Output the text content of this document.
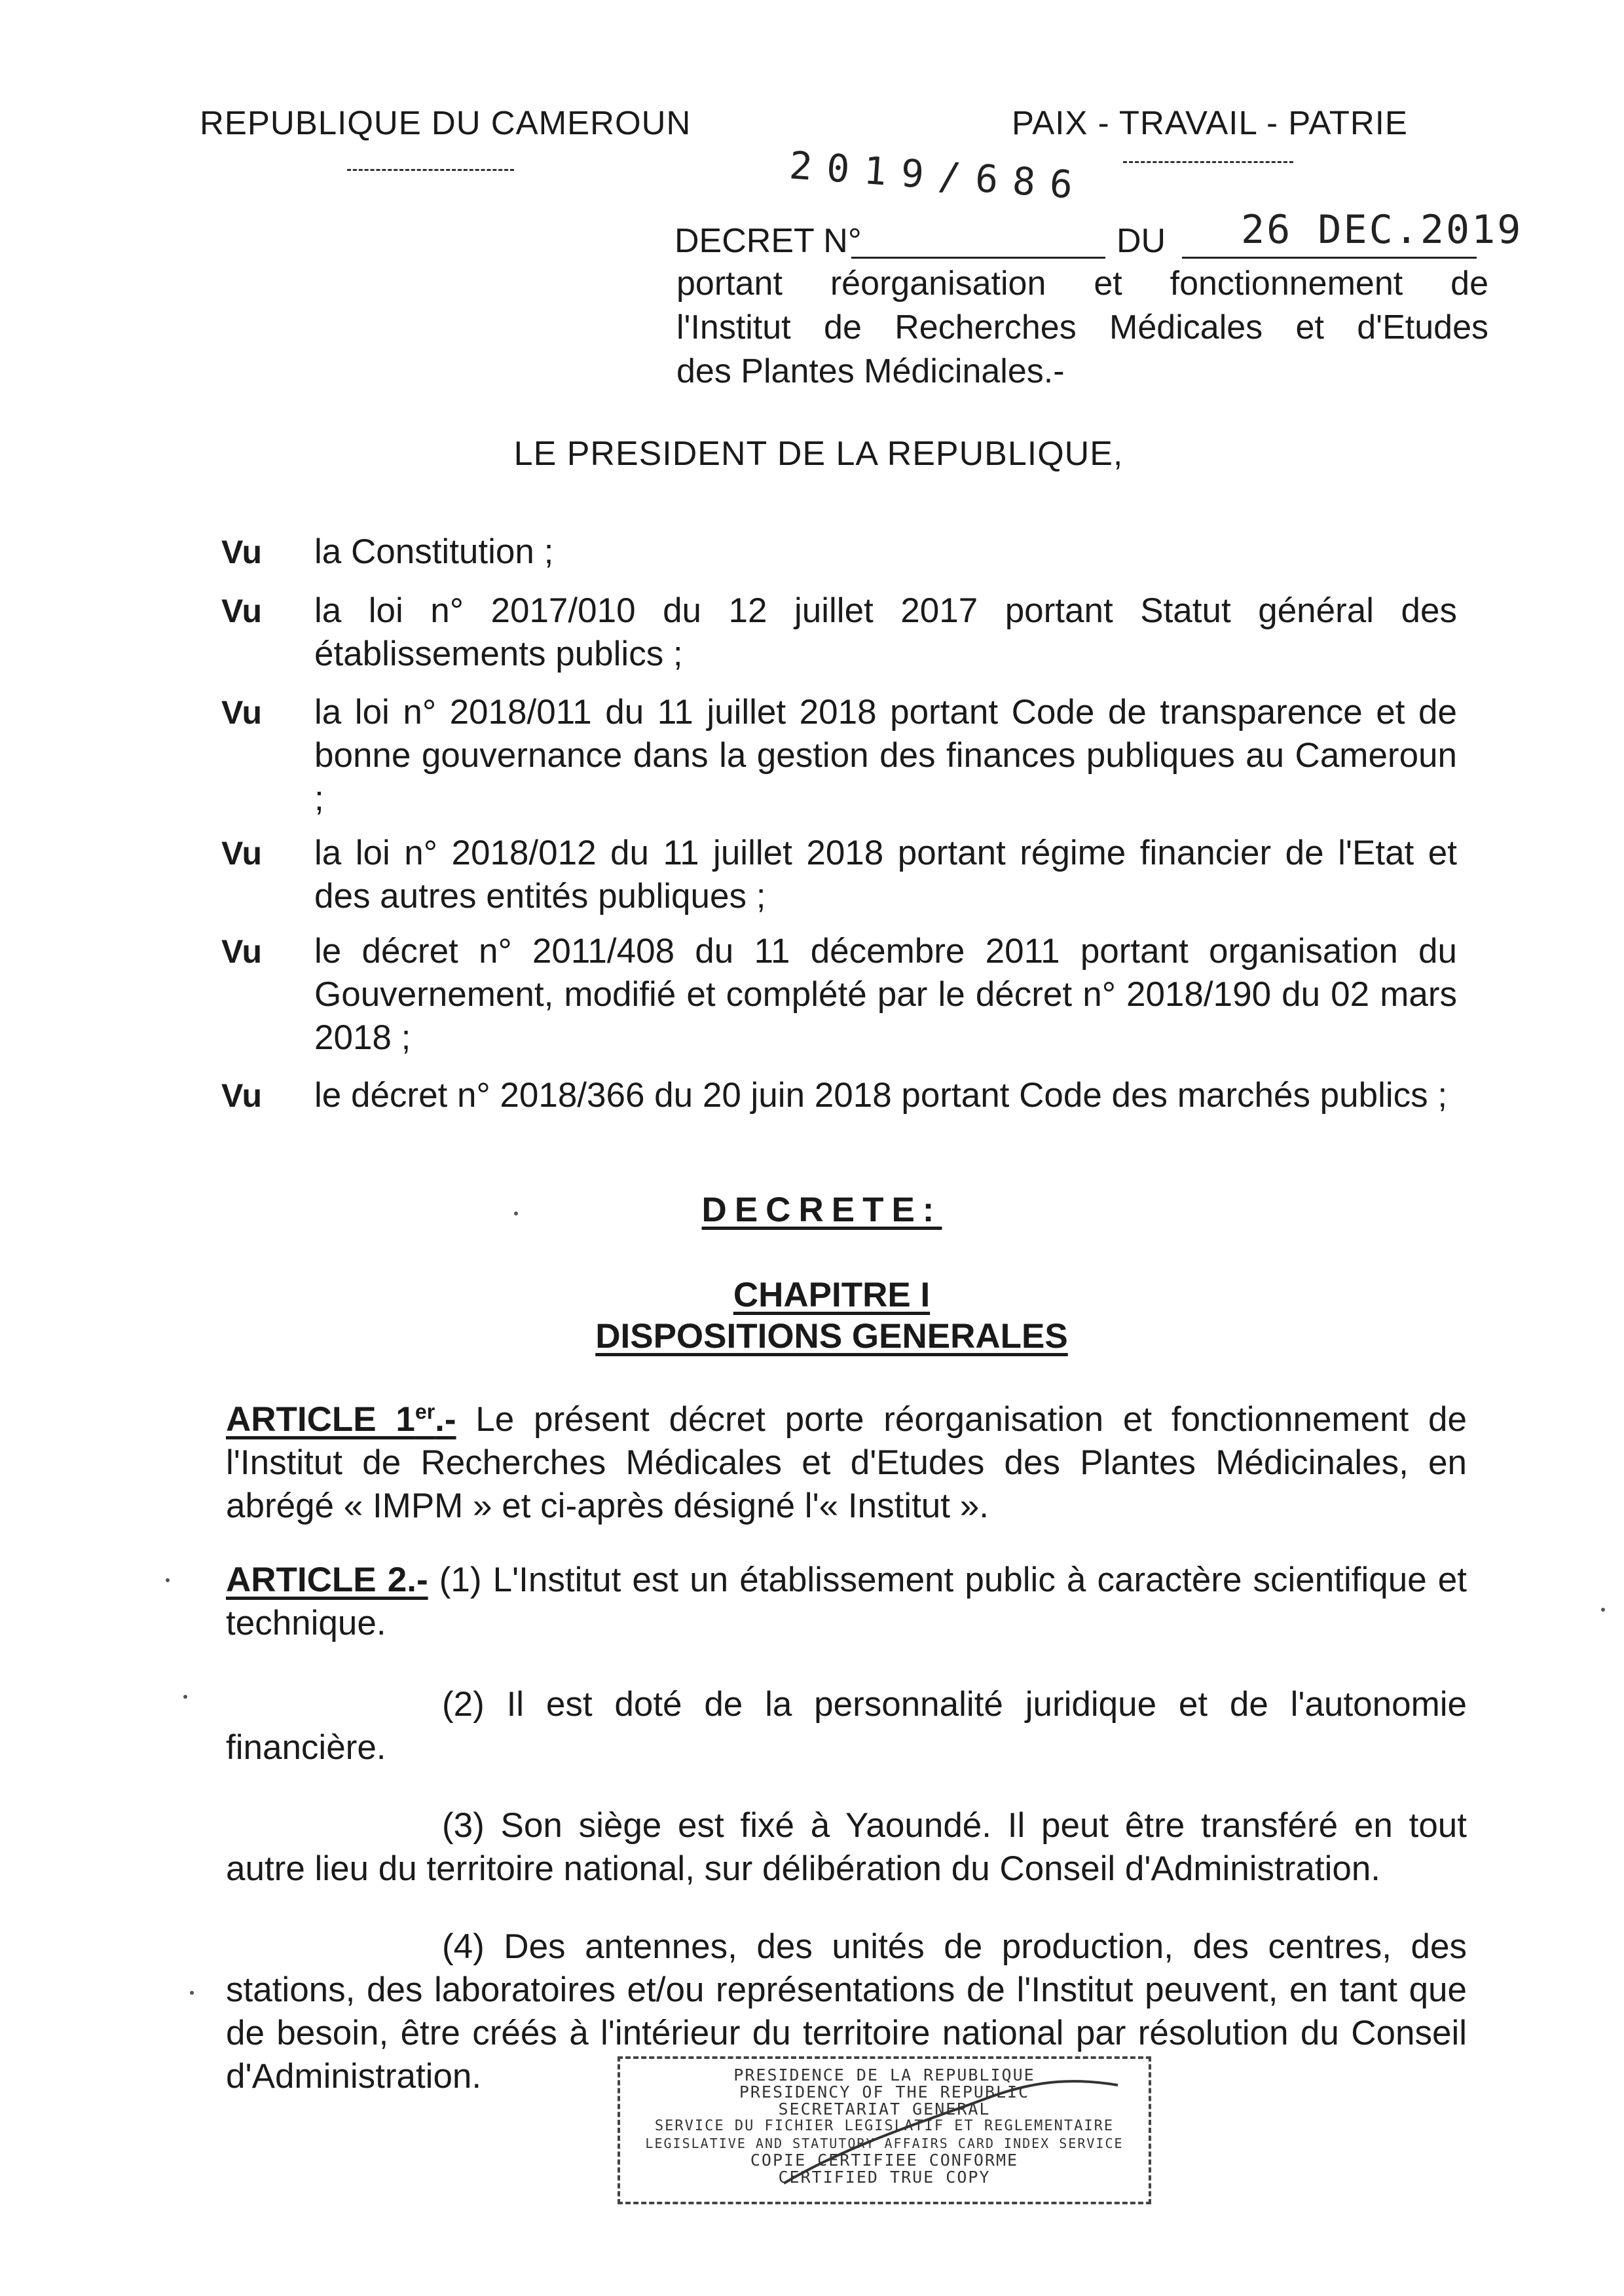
REPUBLIQUE DU CAMEROUN	PAIX - TRAVAIL - PATRIE
2019/686
DECRET N°	DU 26 DEC.2019
portant réorganisation et fonctionnement de
l'Institut de Recherches Médicales et d'Etudes
des Plantes Médicinales.-
LE PRESIDENT DE LA REPUBLIQUE,
Vu la Constitution ;
Vu la loi n° 2017/010 du 12 juillet 2017 portant Statut général des établissements publics ;
Vu la loi n° 2018/011 du 11 juillet 2018 portant Code de transparence et de bonne gouvernance dans la gestion des finances publiques au Cameroun ;
Vu la loi n° 2018/012 du 11 juillet 2018 portant régime financier de l'Etat et des autres entités publiques ;
Vu le décret n° 2011/408 du 11 décembre 2011 portant organisation du Gouvernement, modifié et complété par le décret n° 2018/190 du 02 mars 2018 ;
Vu le décret n° 2018/366 du 20 juin 2018 portant Code des marchés publics ;
DECRETE:
CHAPITRE I
DISPOSITIONS GENERALES
ARTICLE 1er.- Le présent décret porte réorganisation et fonctionnement de l'Institut de Recherches Médicales et d'Etudes des Plantes Médicinales, en abrégé « IMPM » et ci-après désigné l'« Institut ».
ARTICLE 2.- (1) L'Institut est un établissement public à caractère scientifique et technique.
(2) Il est doté de la personnalité juridique et de l'autonomie financière.
(3) Son siège est fixé à Yaoundé. Il peut être transféré en tout autre lieu du territoire national, sur délibération du Conseil d'Administration.
(4) Des antennes, des unités de production, des centres, des stations, des laboratoires et/ou représentations de l'Institut peuvent, en tant que de besoin, être créés à l'intérieur du territoire national par résolution du Conseil d'Administration.	PRESIDENCE DE LA REPUBLIQUE
PRESIDENCY OF THE REPUBLIC
SECRETARIAT GENERAL
SERVICE DU FICHIER LEGISLATIF ET REGLEMENTAIRE
LEGISLATIVE AND STATUTORY AFFAIRS CARD INDEX SERVICE
COPIE CERTIFIEE CONFORME
CERTIFIED TRUE COPY
